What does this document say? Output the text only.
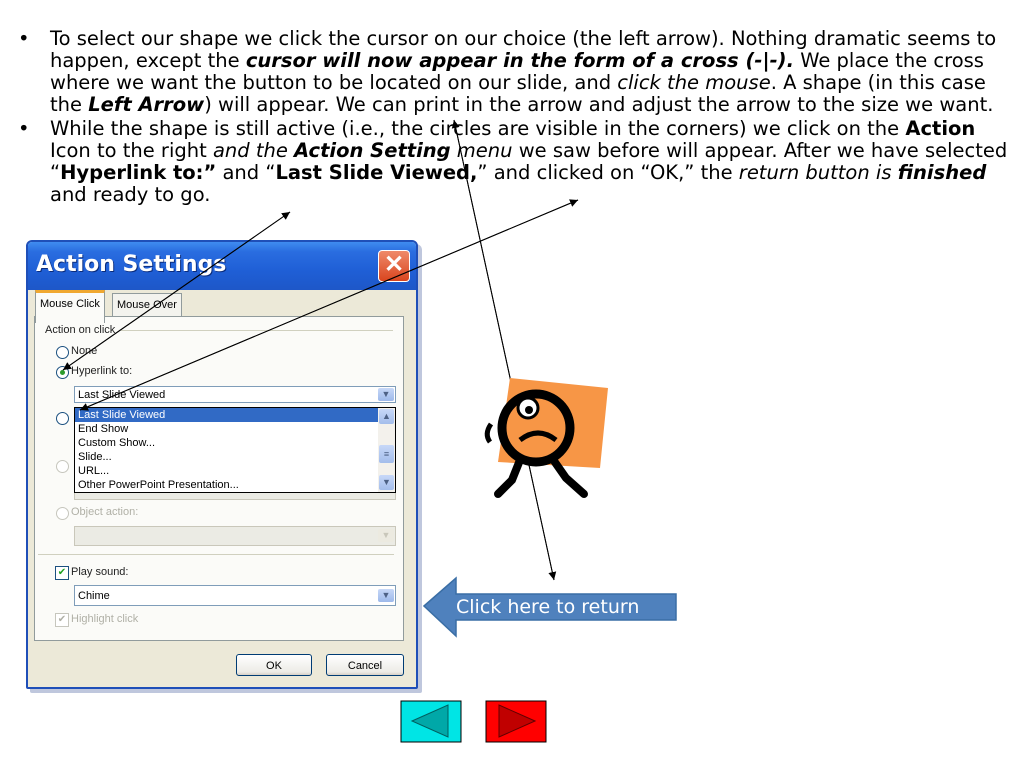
• To select our shape we click the cursor on our choice (the left arrow). Nothing dramatic seems to happen, except the cursor will now appear in the form of a cross (-|-). We place the cross where we want the button to be located on our slide, and click the mouse. A shape (in this case the Left Arrow) will appear. We can print in the arrow and adjust the arrow to the size we want.
• While the shape is still active (i.e., the circles are visible in the corners) we click on the Action Icon to the right and the Action Setting menu we saw before will appear. After we have selected “Hyperlink to:” and “Last Slide Viewed,” and clicked on “OK,” the return button is finished and ready to go.
Action Settings	✕
Mouse Click	Mouse Over
Action on click
None
Hyperlink to:
Last Slide Viewed	▼
Last Slide Viewed
End Show
Custom Show...
Slide...
URL...
Other PowerPoint Presentation...
▲
≡
▼
Object action:
▼
✔ Play sound:
Chime	▼
✔ Highlight click
OK	Cancel
Click here to return
